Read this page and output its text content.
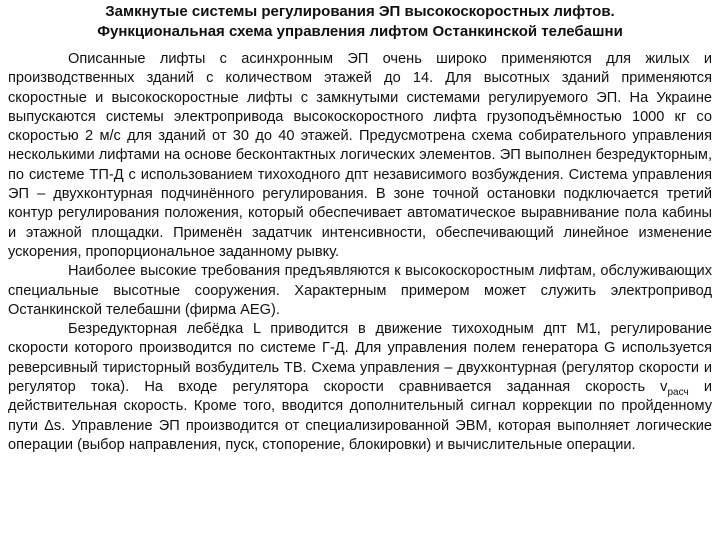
Замкнутые системы регулирования ЭП высокоскоростных лифтов.

Функциональная схема управления лифтом Останкинской телебашни

Описанные лифты с асинхронным ЭП очень широко применяются для жилых и производственных зданий с количеством этажей до 14. Для высотных зданий применяются скоростные и высокоскоростные лифты с замкнутыми системами регулируемого ЭП. На Украине выпускаются системы электропривода высокоскоростного лифта грузоподъёмностью 1000 кг со скоростью 2 м/с для зданий от 30 до 40 этажей. Предусмотрена схема собирательного управления несколькими лифтами на основе бесконтактных логических элементов. ЭП выполнен безредукторным, по системе ТП-Д с использованием тихоходного дпт независимого возбуждения. Система управления ЭП – двухконтурная подчинённого регулирования. В зоне точной остановки подключается третий контур регулирования положения, который обеспечивает автоматическое выравнивание пола кабины и этажной площадки. Применён задатчик интенсивности, обеспечивающий линейное изменение ускорения, пропорциональное заданному рывку.

Наиболее высокие требования предъявляются к высокоскоростным лифтам, обслуживающих специальные высотные сооружения. Характерным примером может служить электропривод Останкинской телебашни (фирма AEG).

Безредукторная лебёдка L приводится в движение тихоходным дпт М1, регулирование скорости которого производится по системе Г-Д. Для управления полем генератора G используется реверсивный тиристорный возбудитель TB. Схема управления – двухконтурная (регулятор скорости и регулятор тока). На входе регулятора скорости сравнивается заданная скорость $v_{расч}$ и действительная скорость. Кроме того, вводится дополнительный сигнал коррекции по пройденному пути Δs. Управление ЭП производится от специализированной ЭВМ, которая выполняет логические операции (выбор направления, пуск, стопорение, блокировки) и вычислительные операции.
